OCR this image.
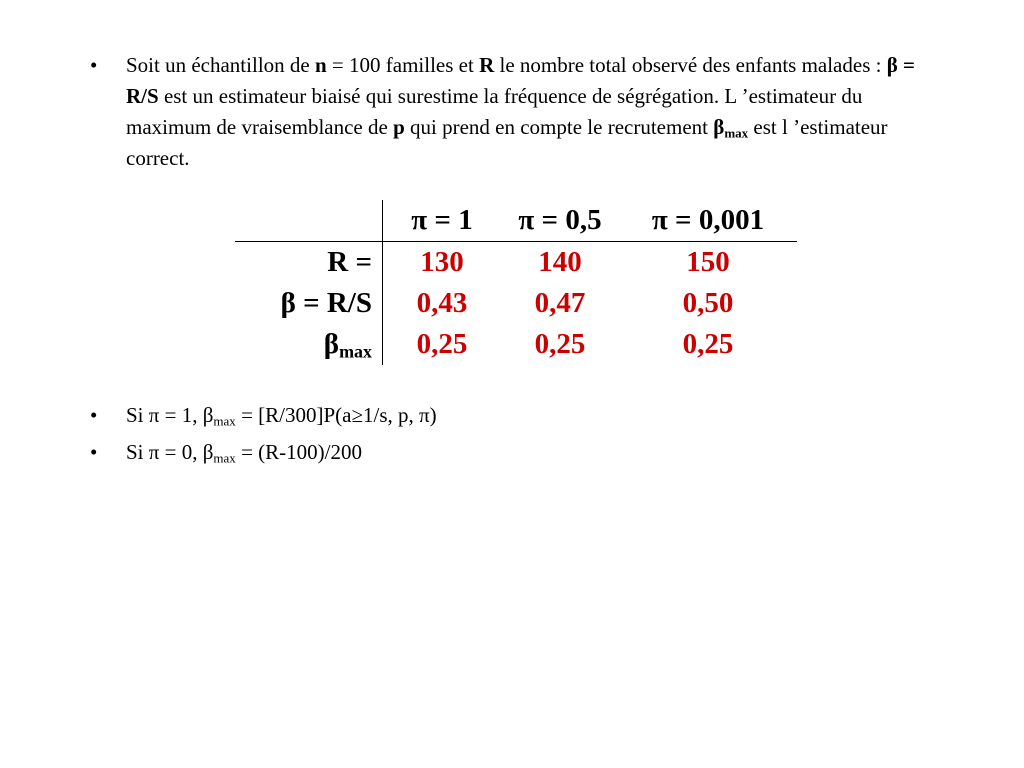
• Soit un échantillon de n = 100 familles et R le nombre total observé des enfants malades : β = R/S est un estimateur biaisé qui surestime la fréquence de ségrégation. L ’estimateur du maximum de vraisemblance de p qui prend en compte le recrutement $\beta_{max}$ est l ’estimateur correct.
	π = 1	π = 0,5	π = 0,001
R =	130	140	150
β = R/S	0,43	0,47	0,50
$\beta_{max}$	0,25	0,25	0,25
• Si π = 1, $\beta_{max} = [R/300]P(a\ge 1/s$, p, π)
• Si π = 0, $\beta_{max} = (R-100)/200$
